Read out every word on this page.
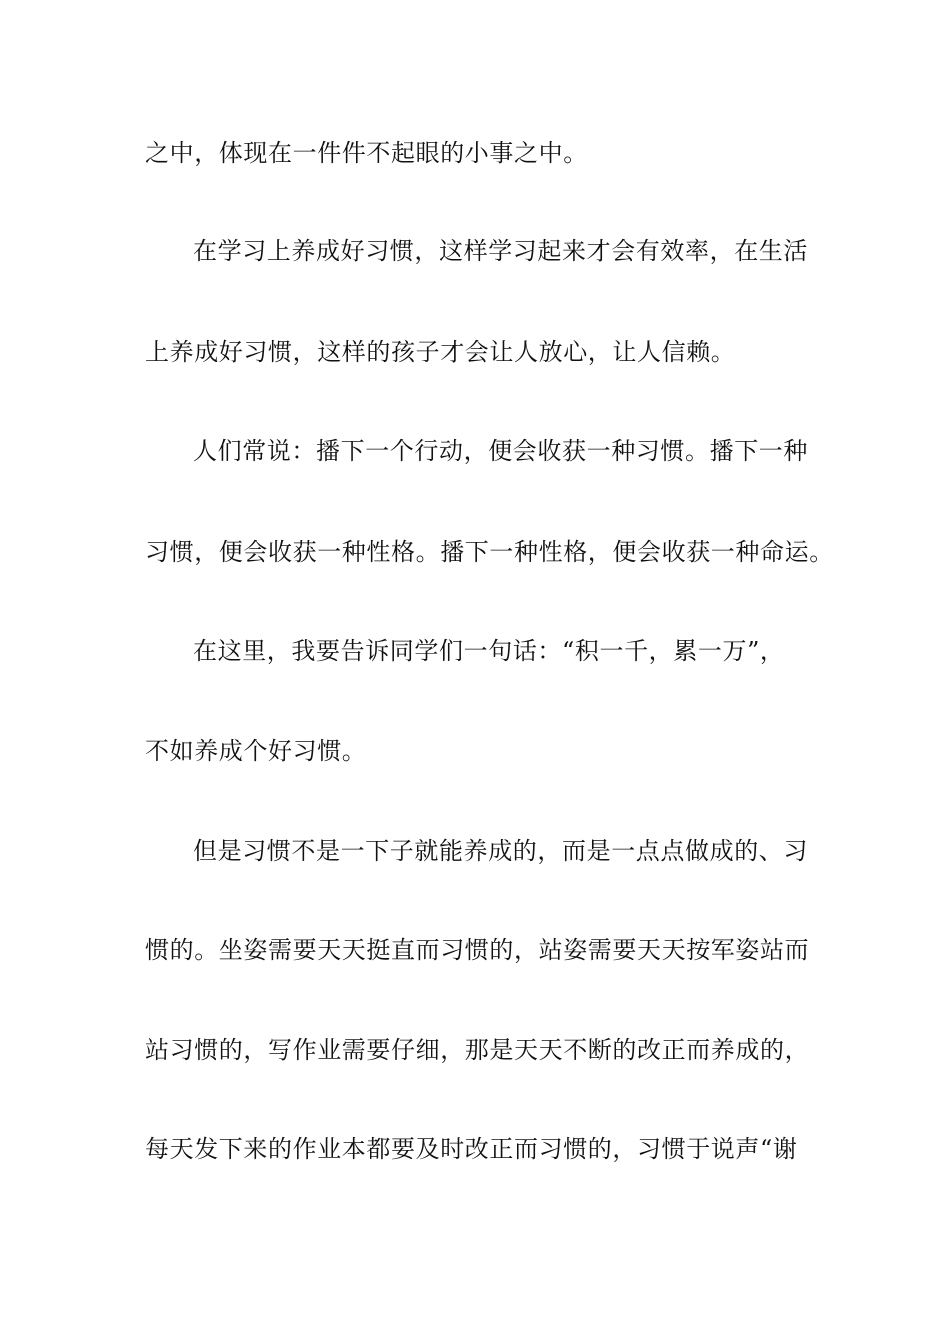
之中，体现在一件件不起眼的小事之中。
在学习上养成好习惯，这样学习起来才会有效率，在生活
上养成好习惯，这样的孩子才会让人放心，让人信赖。
人们常说：播下一个行动，便会收获一种习惯。播下一种
习惯，便会收获一种性格。播下一种性格，便会收获一种命运。
在这里，我要告诉同学们一句话：“积一千，累一万”，
不如养成个好习惯。
但是习惯不是一下子就能养成的，而是一点点做成的、习
惯的。坐姿需要天天挺直而习惯的，站姿需要天天按军姿站而
站习惯的，写作业需要仔细，那是天天不断的改正而养成的，
每天发下来的作业本都要及时改正而习惯的，习惯于说声“谢
